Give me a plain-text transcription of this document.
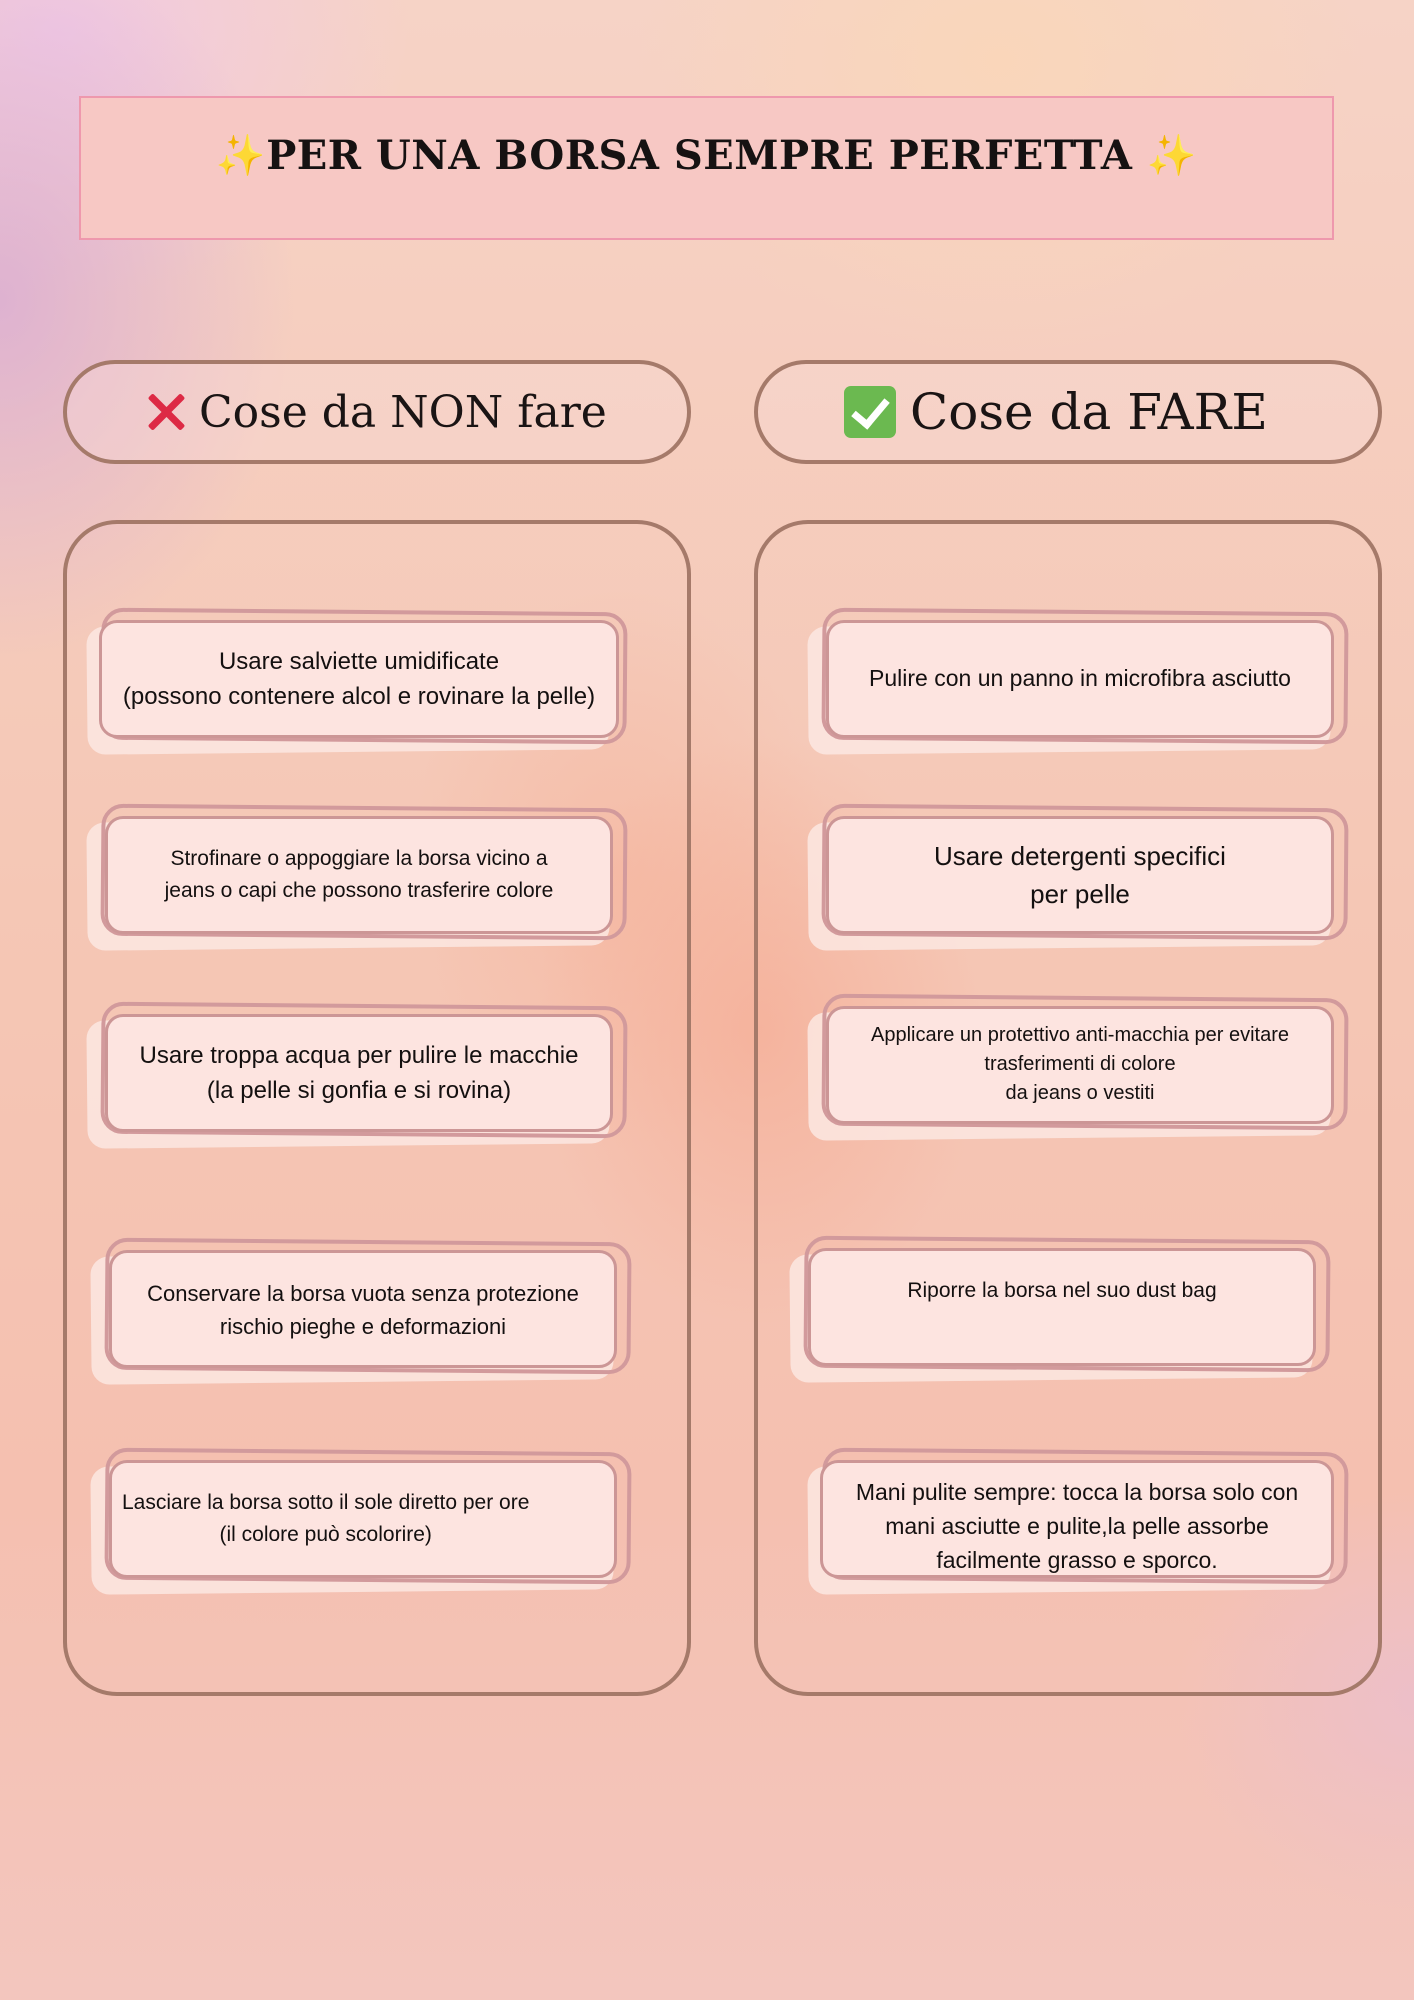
✨PER UNA BORSA SEMPRE PERFETTA ✨
Cose da NON fare	Cose da FARE
Usare salviette umidificate
(possono contenere alcol e rovinare la pelle)
Strofinare o appoggiare la borsa vicino a
jeans o capi che possono trasferire colore
Usare troppa acqua per pulire le macchie
(la pelle si gonfia e si rovina)
Conservare la borsa vuota senza protezione
rischio pieghe e deformazioni
Lasciare la borsa sotto il sole diretto per ore
(il colore può scolorire)
Pulire con un panno in microfibra asciutto
Usare detergenti specifici
per pelle
Applicare un protettivo anti-macchia per evitare
trasferimenti di colore
da jeans o vestiti
Riporre la borsa nel suo dust bag
Mani pulite sempre: tocca la borsa solo con
mani asciutte e pulite,la pelle assorbe
facilmente grasso e sporco.
